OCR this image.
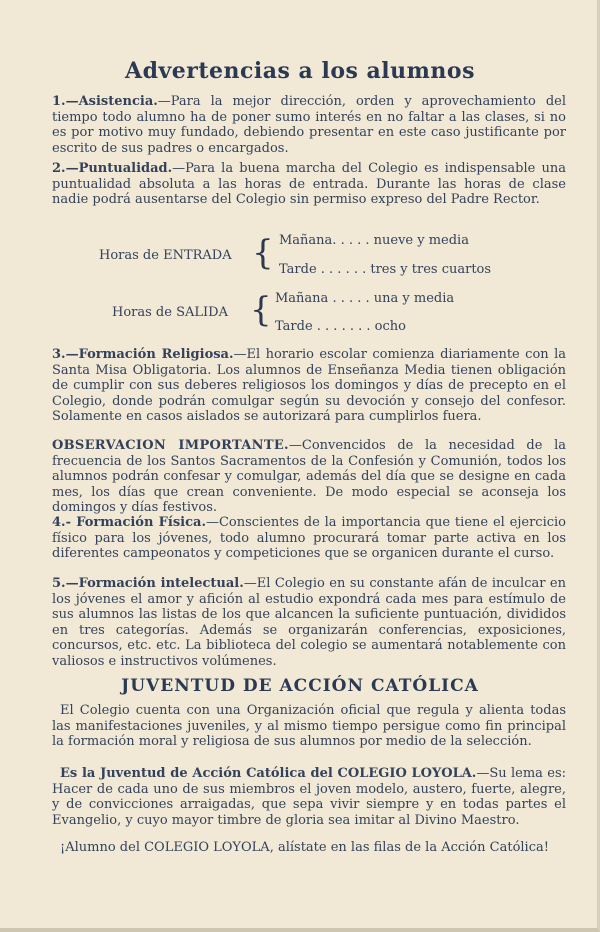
Advertencias a los alumnos
1.—Asistencia.—Para la mejor dirección, orden y aprovechamiento del tiempo todo alumno ha de poner sumo interés en no faltar a las clases, si no es por motivo muy fundado, debiendo presentar en este caso justificante por escrito de sus padres o encargados.
2.—Puntualidad.—Para la buena marcha del Colegio es indispensable una puntualidad absoluta a las horas de entrada. Durante las horas de clase nadie podrá ausentarse del Colegio sin permiso expreso del Padre Rector.
Horas de ENTRADA { Mañana. . . . . nueve y media
Tarde . . . . . . tres y tres cuartos
Horas de SALIDA { Mañana . . . . . una y media
Tarde . . . . . . . ocho
3.—Formación Religiosa.—El horario escolar comienza diariamente con la Santa Misa Obligatoria. Los alumnos de Enseñanza Media tienen obligación de cumplir con sus deberes religiosos los domingos y días de precepto en el Colegio, donde podrán comulgar según su devoción y consejo del confesor. Solamente en casos aislados se autorizará para cumplirlos fuera.
OBSERVACION IMPORTANTE.—Convencidos de la necesidad de la frecuencia de los Santos Sacramentos de la Confesión y Comunión, todos los alumnos podrán confesar y comulgar, además del día que se designe en cada mes, los días que crean conveniente. De modo especial se aconseja los domingos y días festivos.
4.- Formación Física.—Conscientes de la importancia que tiene el ejercicio físico para los jóvenes, todo alumno procurará tomar parte activa en los diferentes campeonatos y competiciones que se organicen durante el curso.
5.—Formación intelectual.—El Colegio en su constante afán de inculcar en los jóvenes el amor y afición al estudio expondrá cada mes para estímulo de sus alumnos las listas de los que alcancen la suficiente puntuación, divididos en tres categorías. Además se organizarán conferencias, exposiciones, concursos, etc. etc. La biblioteca del colegio se aumentará notablemente con valiosos e instructivos volúmenes.
JUVENTUD DE ACCIÓN CATÓLICA
El Colegio cuenta con una Organización oficial que regula y alienta todas las manifestaciones juveniles, y al mismo tiempo persigue como fin principal la formación moral y religiosa de sus alumnos por medio de la selección.
Es la Juventud de Acción Católica del COLEGIO LOYOLA.—Su lema es: Hacer de cada uno de sus miembros el joven modelo, austero, fuerte, alegre, y de convicciones arraigadas, que sepa vivir siempre y en todas partes el Evangelio, y cuyo mayor timbre de gloria sea imitar al Divino Maestro.
¡Alumno del COLEGIO LOYOLA, alístate en las filas de la Acción Católica!
